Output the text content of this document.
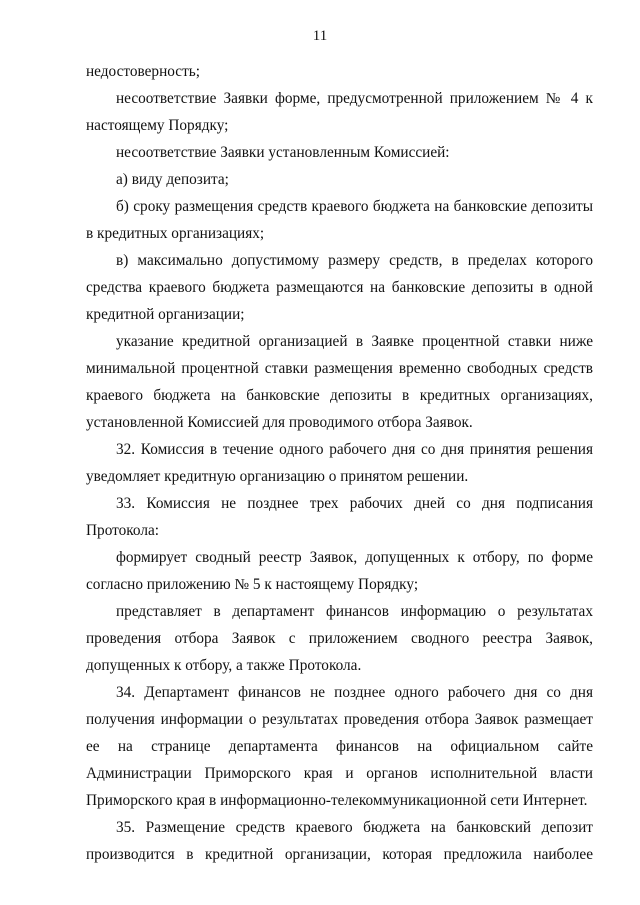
11

недостоверность;

несоответствие Заявки форме, предусмотренной приложением № 4 к настоящему Порядку;

несоответствие Заявки установленным Комиссией:

а) виду депозита;

б) сроку размещения средств краевого бюджета на банковские депозиты в кредитных организациях;

в) максимально допустимому размеру средств, в пределах которого средства краевого бюджета размещаются на банковские депозиты в одной кредитной организации;

указание кредитной организацией в Заявке процентной ставки ниже минимальной процентной ставки размещения временно свободных средств краевого бюджета на банковские депозиты в кредитных организациях, установленной Комиссией для проводимого отбора Заявок.

32. Комиссия в течение одного рабочего дня со дня принятия решения уведомляет кредитную организацию о принятом решении.

33. Комиссия не позднее трех рабочих дней со дня подписания Протокола:

формирует сводный реестр Заявок, допущенных к отбору, по форме согласно приложению № 5 к настоящему Порядку;

представляет в департамент финансов информацию о результатах проведения отбора Заявок с приложением сводного реестра Заявок, допущенных к отбору, а также Протокола.

34. Департамент финансов не позднее одного рабочего дня со дня получения информации о результатах проведения отбора Заявок размещает ее на странице департамента финансов на официальном сайте Администрации Приморского края и органов исполнительной власти Приморского края в информационно-телекоммуникационной сети Интернет.

35. Размещение средств краевого бюджета на банковский депозит производится в кредитной организации, которая предложила наиболее
